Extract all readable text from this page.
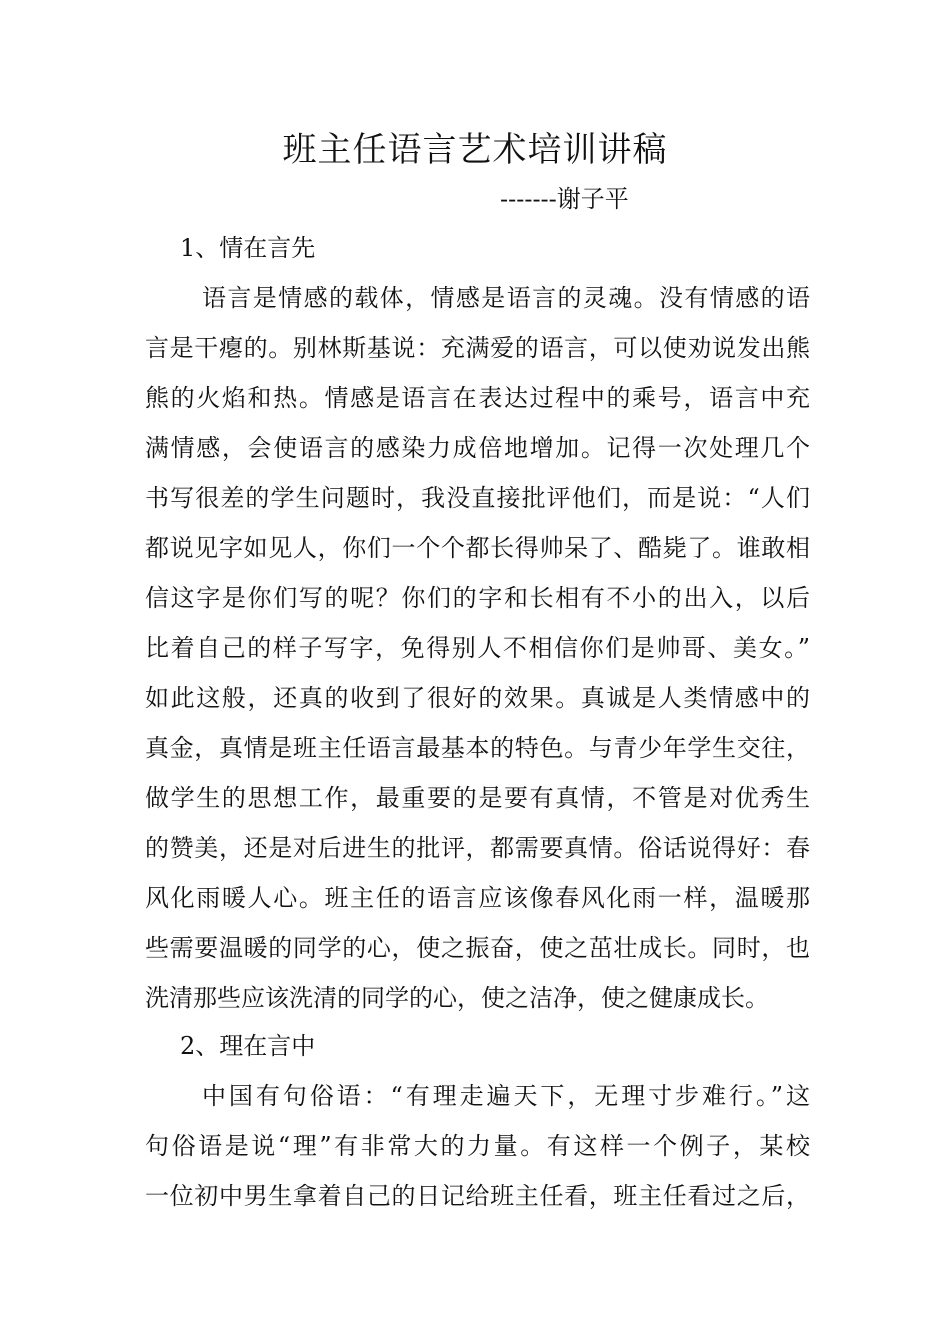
班主任语言艺术培训讲稿
-------谢子平
1、情在言先
语言是情感的载体，情感是语言的灵魂。没有情感的语
言是干瘪的。别林斯基说：充满爱的语言，可以使劝说发出熊
熊的火焰和热。情感是语言在表达过程中的乘号，语言中充
满情感，会使语言的感染力成倍地增加。记得一次处理几个
书写很差的学生问题时，我没直接批评他们，而是说：“人们
都说见字如见人，你们一个个都长得帅呆了、酷毙了。谁敢相
信这字是你们写的呢？你们的字和长相有不小的出入，以后
比着自己的样子写字，免得别人不相信你们是帅哥、美女。”
如此这般，还真的收到了很好的效果。真诚是人类情感中的
真金，真情是班主任语言最基本的特色。与青少年学生交往，
做学生的思想工作，最重要的是要有真情，不管是对优秀生
的赞美，还是对后进生的批评，都需要真情。俗话说得好：春
风化雨暖人心。班主任的语言应该像春风化雨一样，温暖那
些需要温暖的同学的心，使之振奋，使之茁壮成长。同时，也
洗清那些应该洗清的同学的心，使之洁净，使之健康成长。
2、理在言中
中国有句俗语：“有理走遍天下，无理寸步难行。”这
句俗语是说“理”有非常大的力量。有这样一个例子，某校
一位初中男生拿着自己的日记给班主任看，班主任看过之后，
